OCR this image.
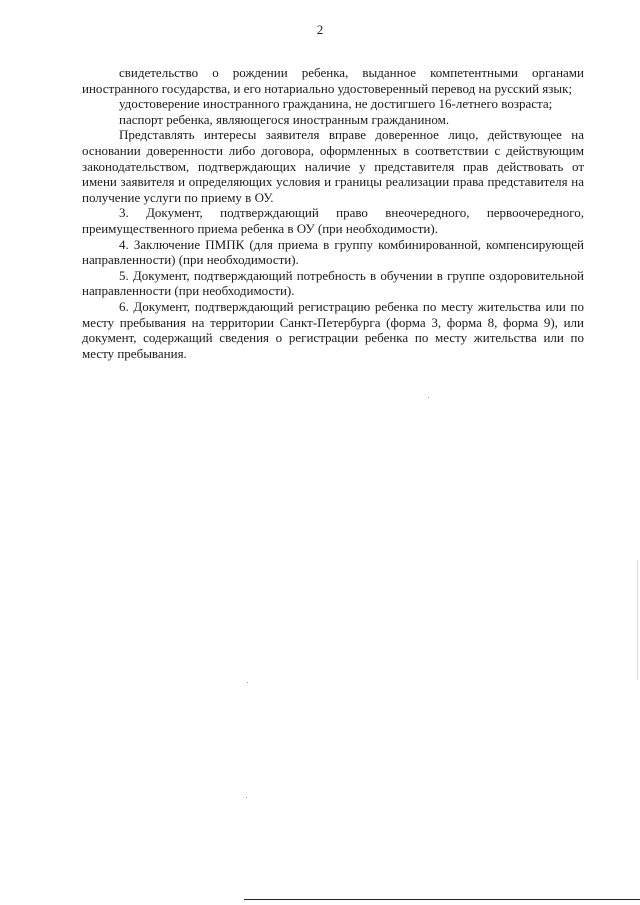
2

свидетельство о рождении ребенка, выданное компетентными органами иностранного государства, и его нотариально удостоверенный перевод на русский язык;

удостоверение иностранного гражданина, не достигшего 16-летнего возраста;

паспорт ребенка, являющегося иностранным гражданином.

Представлять интересы заявителя вправе доверенное лицо, действующее на основании доверенности либо договора, оформленных в соответствии с действующим законодательством, подтверждающих наличие у представителя прав действовать от имени заявителя и определяющих условия и границы реализации права представителя на получение услуги по приему в ОУ.

3. Документ, подтверждающий право внеочередного, первоочередного, преимущественного приема ребенка в ОУ (при необходимости).

4. Заключение ПМПК (для приема в группу комбинированной, компенсирующей направленности) (при необходимости).

5. Документ, подтверждающий потребность в обучении в группе оздоровительной направленности (при необходимости).

6. Документ, подтверждающий регистрацию ребенка по месту жительства или по месту пребывания на территории Санкт-Петербурга (форма 3, форма 8, форма 9), или документ, содержащий сведения о регистрации ребенка по месту жительства или по месту пребывания.
